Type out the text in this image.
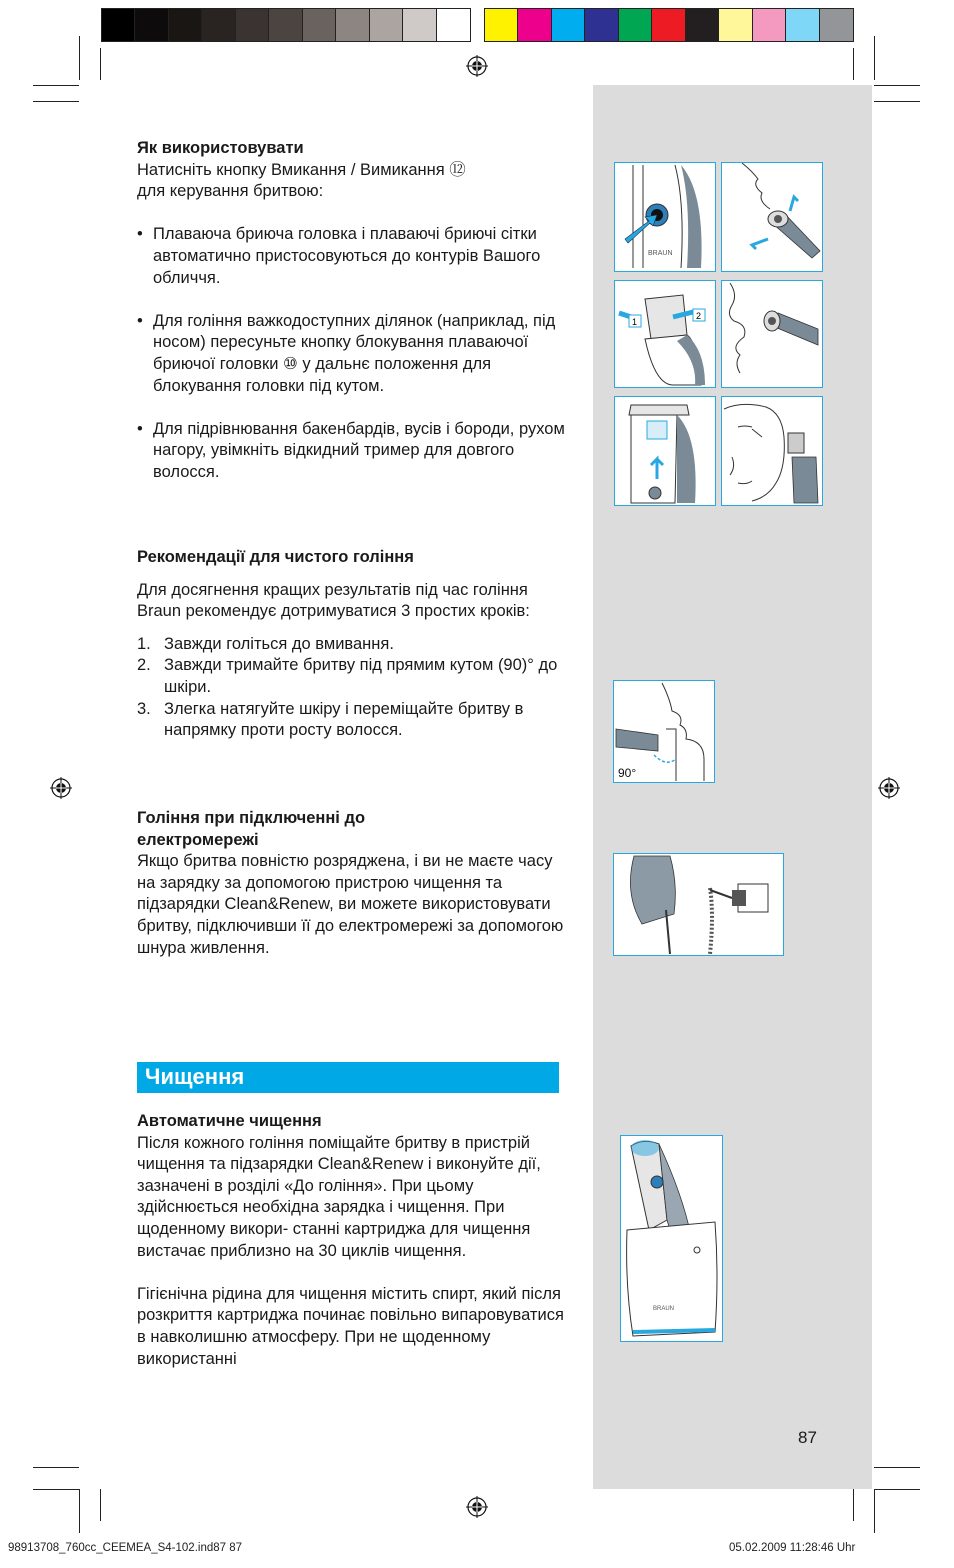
Як використовувати

Натисніть кнопку Вмикання / Вимикання ⑫

для керування бритвою:

• Плаваюча бриюча головка і плаваючі бриючі сітки автоматично пристосовуються до контурів Вашого обличчя.

• Для гоління важкодоступних ділянок (наприклад, під носом) пересуньте кнопку блокування плаваючої бриючої головки ⑩ у дальнє положення для блокування головки під кутом.

• Для підрівнювання бакенбардів, вусів і бороди, рухом нагору, увімкніть відкидний тример для довгого волосся.

Рекомендації для чистого гоління

Для досягнення кращих результатів під час гоління Braun рекомендує дотримуватися 3 простих кроків:

1. Завжди голіться до вмивання.

2. Завжди тримайте бритву під прямим кутом (90)° до шкіри.

3. Злегка натягуйте шкіру і переміщайте бритву в напрямку проти росту волосся.

Гоління при підключенні до електромережі

Якщо бритва повністю розряджена, і ви не маєте часу на зарядку за допомогою пристрою чищення та підзарядки Clean&Renew, ви можете використовувати бритву, підключивши її до електромережі за допомогою шнура живлення.

Чищення

Автоматичне чищення

Після кожного гоління поміщайте бритву в пристрій чищення та підзарядки Clean&Renew і виконуйте дії, зазначені в розділі «До гоління». При цьому здійснюється необхідна зарядка і чищення. При щоденному викори- станні картриджа для чищення вистачає приблизно на 30 циклів чищення.

Гігієнічна рідина для чищення містить спирт, який після розкриття картриджа починає повільно випаровуватися в навколишню атмосферу. При не щоденному використанні

BRAUN
1
2
90°
BRAUN
87
98913708_760cc_CEEMEA_S4-102.ind87 87	05.02.2009 11:28:46 Uhr
